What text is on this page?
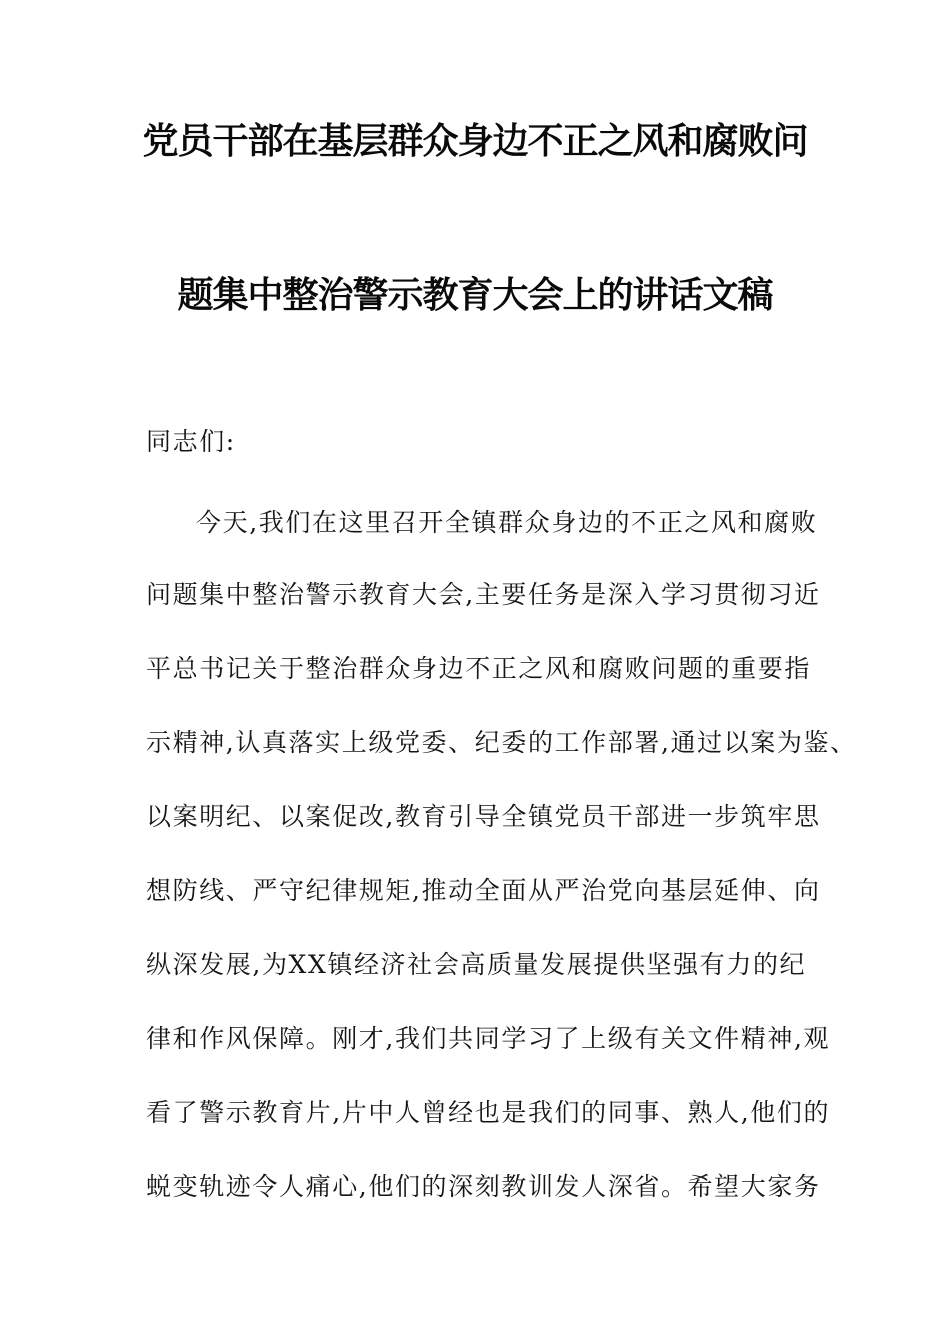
党员干部在基层群众身边不正之风和腐败问
题集中整治警示教育大会上的讲话文稿
同志们:
今天,我们在这里召开全镇群众身边的不正之风和腐败
问题集中整治警示教育大会,主要任务是深入学习贯彻习近
平总书记关于整治群众身边不正之风和腐败问题的重要指
示精神,认真落实上级党委、纪委的工作部署,通过以案为鉴、
以案明纪、以案促改,教育引导全镇党员干部进一步筑牢思
想防线、严守纪律规矩,推动全面从严治党向基层延伸、向
纵深发展,为XX镇经济社会高质量发展提供坚强有力的纪
律和作风保障。刚才,我们共同学习了上级有关文件精神,观
看了警示教育片,片中人曾经也是我们的同事、熟人,他们的
蜕变轨迹令人痛心,他们的深刻教训发人深省。希望大家务
